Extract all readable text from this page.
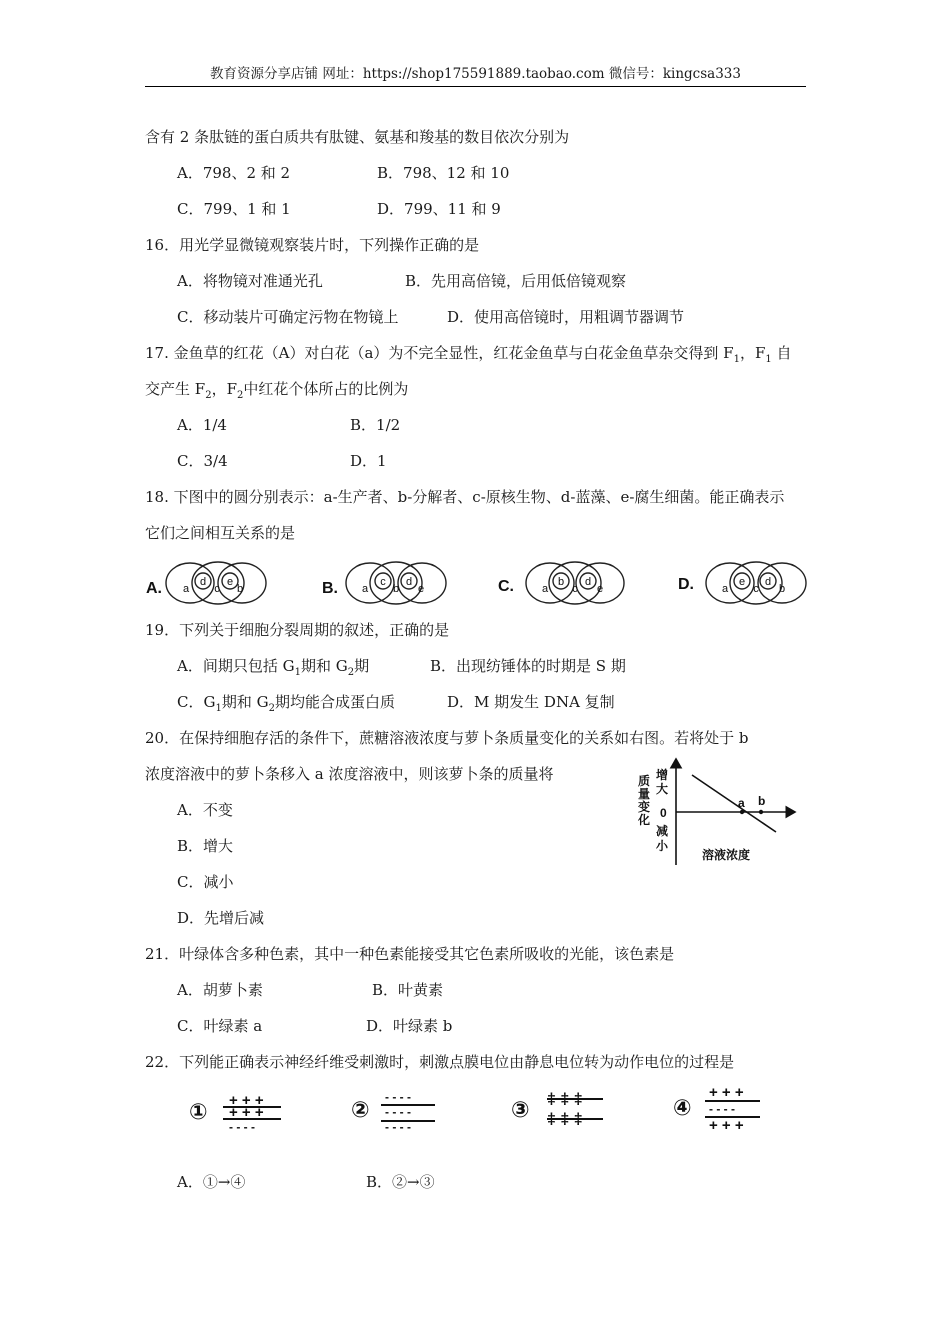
教育资源分享店铺 网址：https://shop175591889.taobao.com 微信号：kingcsa333
含有 2 条肽链的蛋白质共有肽键、氨基和羧基的数目依次分别为
A．798、2 和 2	B．798、12 和 10
C．799、1 和 1	D．799、11 和 9
16．用光学显微镜观察装片时，下列操作正确的是
A．将物镜对准通光孔	B．先用高倍镜，后用低倍镜观察
C．移动装片可确定污物在物镜上	D．使用高倍镜时，用粗调节器调节
17. 金鱼草的红花（A）对白花（a）为不完全显性，红花金鱼草与白花金鱼草杂交得到 $F_1$，$F_1$ 自
交产生 $F_2$，$F_2$中红花个体所占的比例为
A．1/4	B．1/2
C．3/4	D．1
18. 下图中的圆分别表示：a-生产者、b-分解者、c-原核生物、d-蓝藻、e-腐生细菌。能正确表示
它们之间相互关系的是
A. a
d
c
e
b	B. a
c
b
d
e	C.	a
b
c
d
e	D.	a
e
c
d
b
19．下列关于细胞分裂周期的叙述，正确的是
A．间期只包括 $G_1$期和 $G_2$期	B．出现纺锤体的时期是 S 期
C．$G_1$期和 $G_2$期均能合成蛋白质	D．M 期发生 DNA 复制
20．在保持细胞存活的条件下，蔗糖溶液浓度与萝卜条质量变化的关系如右图。若将处于 b
浓度溶液中的萝卜条移入 a 浓度溶液中，则该萝卜条的质量将
A．不变
B．增大
C．减小
D．先增后减
质量变化
增大
0
减小
a b
溶液浓度
21．叶绿体含多种色素，其中一种色素能接受其它色素所吸收的光能，该色素是
A．胡萝卜素	B．叶黄素
C．叶绿素 a	D．叶绿素 b
22．下列能正确表示神经纤维受刺激时，刺激点膜电位由静息电位转为动作电位的过程是
① + + +
+ + +
- - - -
② - - - -
- - - -
- - - -
③ ‡ ‡ ‡
‡ ‡ ‡	④
+ + +
- - - -
+ + +
A．①→④	B．②→③
